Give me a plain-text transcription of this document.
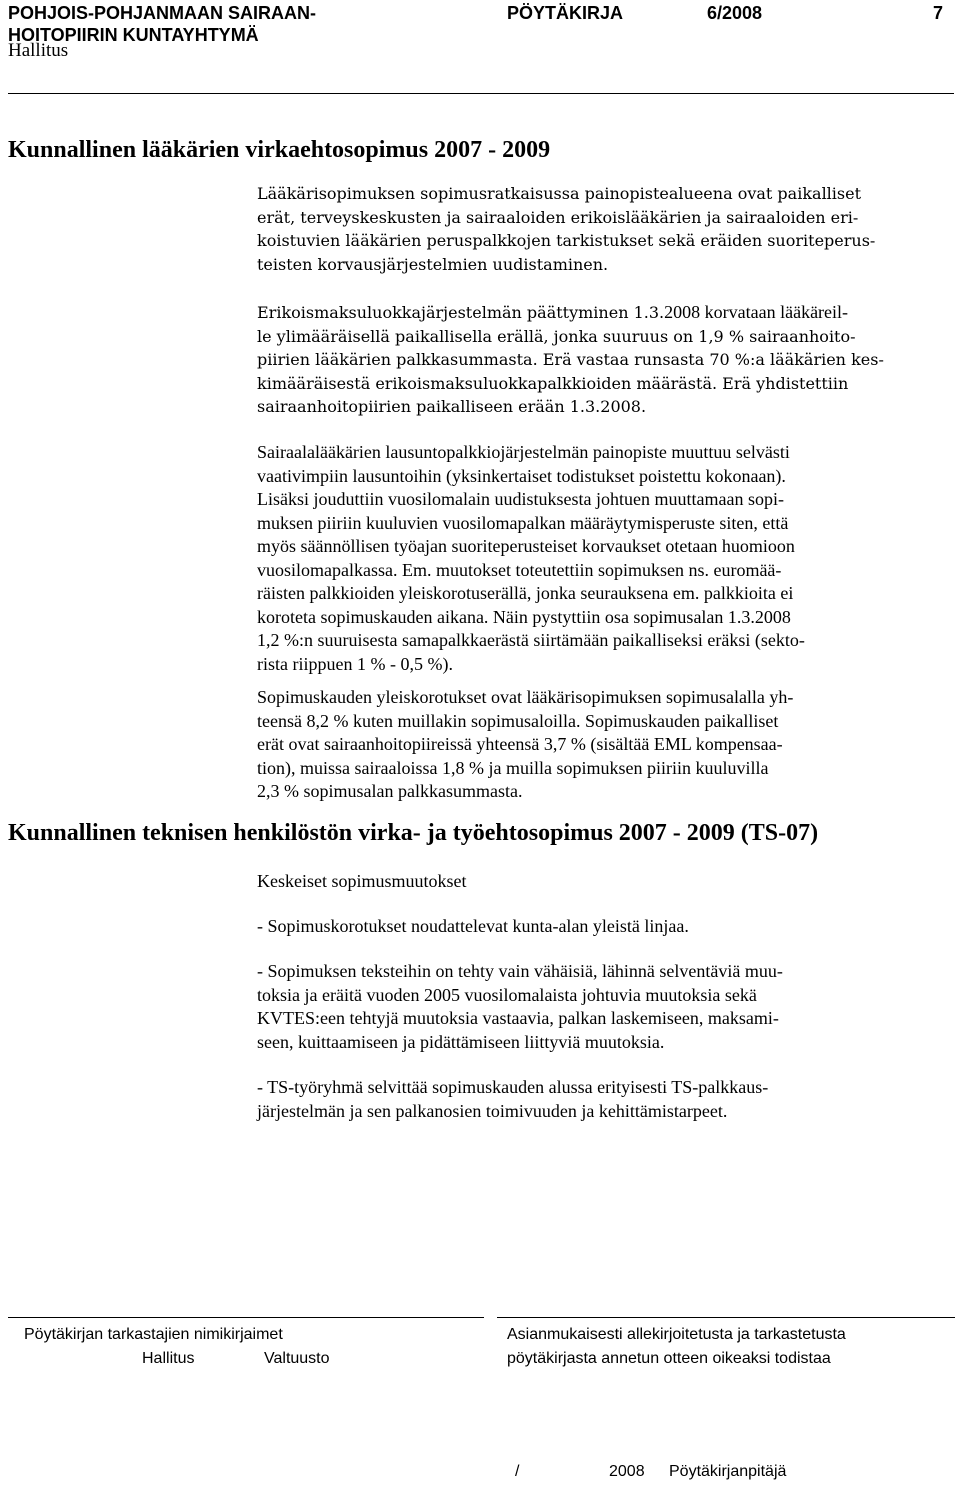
POHJOIS-POHJANMAAN SAIRAAN-
HOITOPIIRIN KUNTAYHTYMÄ
PÖYTÄKIRJA	6/2008	7
Hallitus
Kunnallinen lääkärien virkaehtosopimus 2007 - 2009
Lääkärisopimuksen sopimusratkaisussa painopistealueena ovat paikalliset
erät, terveyskeskusten ja sairaaloiden erikoislääkärien ja sairaaloiden eri-
koistuvien lääkärien peruspalkkojen tarkistukset sekä eräiden suoriteperus-
teisten korvausjärjestelmien uudistaminen.
Erikoismaksuluokkajärjestelmän päättyminen 1.3.2008 korvataan lääkäreil-
le ylimääräisellä paikallisella erällä, jonka suuruus on 1,9 % sairaanhoito-
piirien lääkärien palkkasummasta. Erä vastaa runsasta 70 %:a lääkärien kes-
kimääräisestä erikoismaksuluokkapalkkioiden määrästä. Erä yhdistettiin
sairaanhoitopiirien paikalliseen erään 1.3.2008.
Sairaalalääkärien lausuntopalkkiojärjestelmän painopiste muuttuu selvästi
vaativimpiin lausuntoihin (yksinkertaiset todistukset poistettu kokonaan).
Lisäksi jouduttiin vuosilomalain uudistuksesta johtuen muuttamaan sopi-
muksen piiriin kuuluvien vuosilomapalkan määräytymisperuste siten, että
myös säännöllisen työajan suoriteperusteiset korvaukset otetaan huomioon
vuosilomapalkassa. Em. muutokset toteutettiin sopimuksen ns. euromää-
räisten palkkioiden yleiskorotuserällä, jonka seurauksena em. palkkioita ei
koroteta sopimuskauden aikana. Näin pystyttiin osa sopimusalan 1.3.2008
1,2 %:n suuruisesta samapalkkaerästä siirtämään paikalliseksi eräksi (sekto-
rista riippuen 1 % - 0,5 %).
Sopimuskauden yleiskorotukset ovat lääkärisopimuksen sopimusalalla yh-
teensä 8,2 % kuten muillakin sopimusaloilla. Sopimuskauden paikalliset
erät ovat sairaanhoitopiireissä yhteensä 3,7 % (sisältää EML kompensaa-
tion), muissa sairaaloissa 1,8 % ja muilla sopimuksen piiriin kuuluvilla
2,3 % sopimusalan palkkasummasta.
Kunnallinen teknisen henkilöstön virka- ja työehtosopimus 2007 - 2009 (TS-07)
Keskeiset sopimusmuutokset
- Sopimuskorotukset noudattelevat kunta-alan yleistä linjaa.
- Sopimuksen teksteihin on tehty vain vähäisiä, lähinnä selventäviä muu-
toksia ja eräitä vuoden 2005 vuosilomalaista johtuvia muutoksia sekä
KVTES:een tehtyjä muutoksia vastaavia, palkan laskemiseen, maksami-
seen, kuittaamiseen ja pidättämiseen liittyviä muutoksia.
- TS-työryhmä selvittää sopimuskauden alussa erityisesti TS-palkkaus-
järjestelmän ja sen palkanosien toimivuuden ja kehittämistarpeet.
Pöytäkirjan tarkastajien nimikirjaimet
Hallitus	Valtuusto
Asianmukaisesti allekirjoitetusta ja tarkastetusta
pöytäkirjasta annetun otteen oikeaksi todistaa
/	2008 Pöytäkirjanpitäjä
